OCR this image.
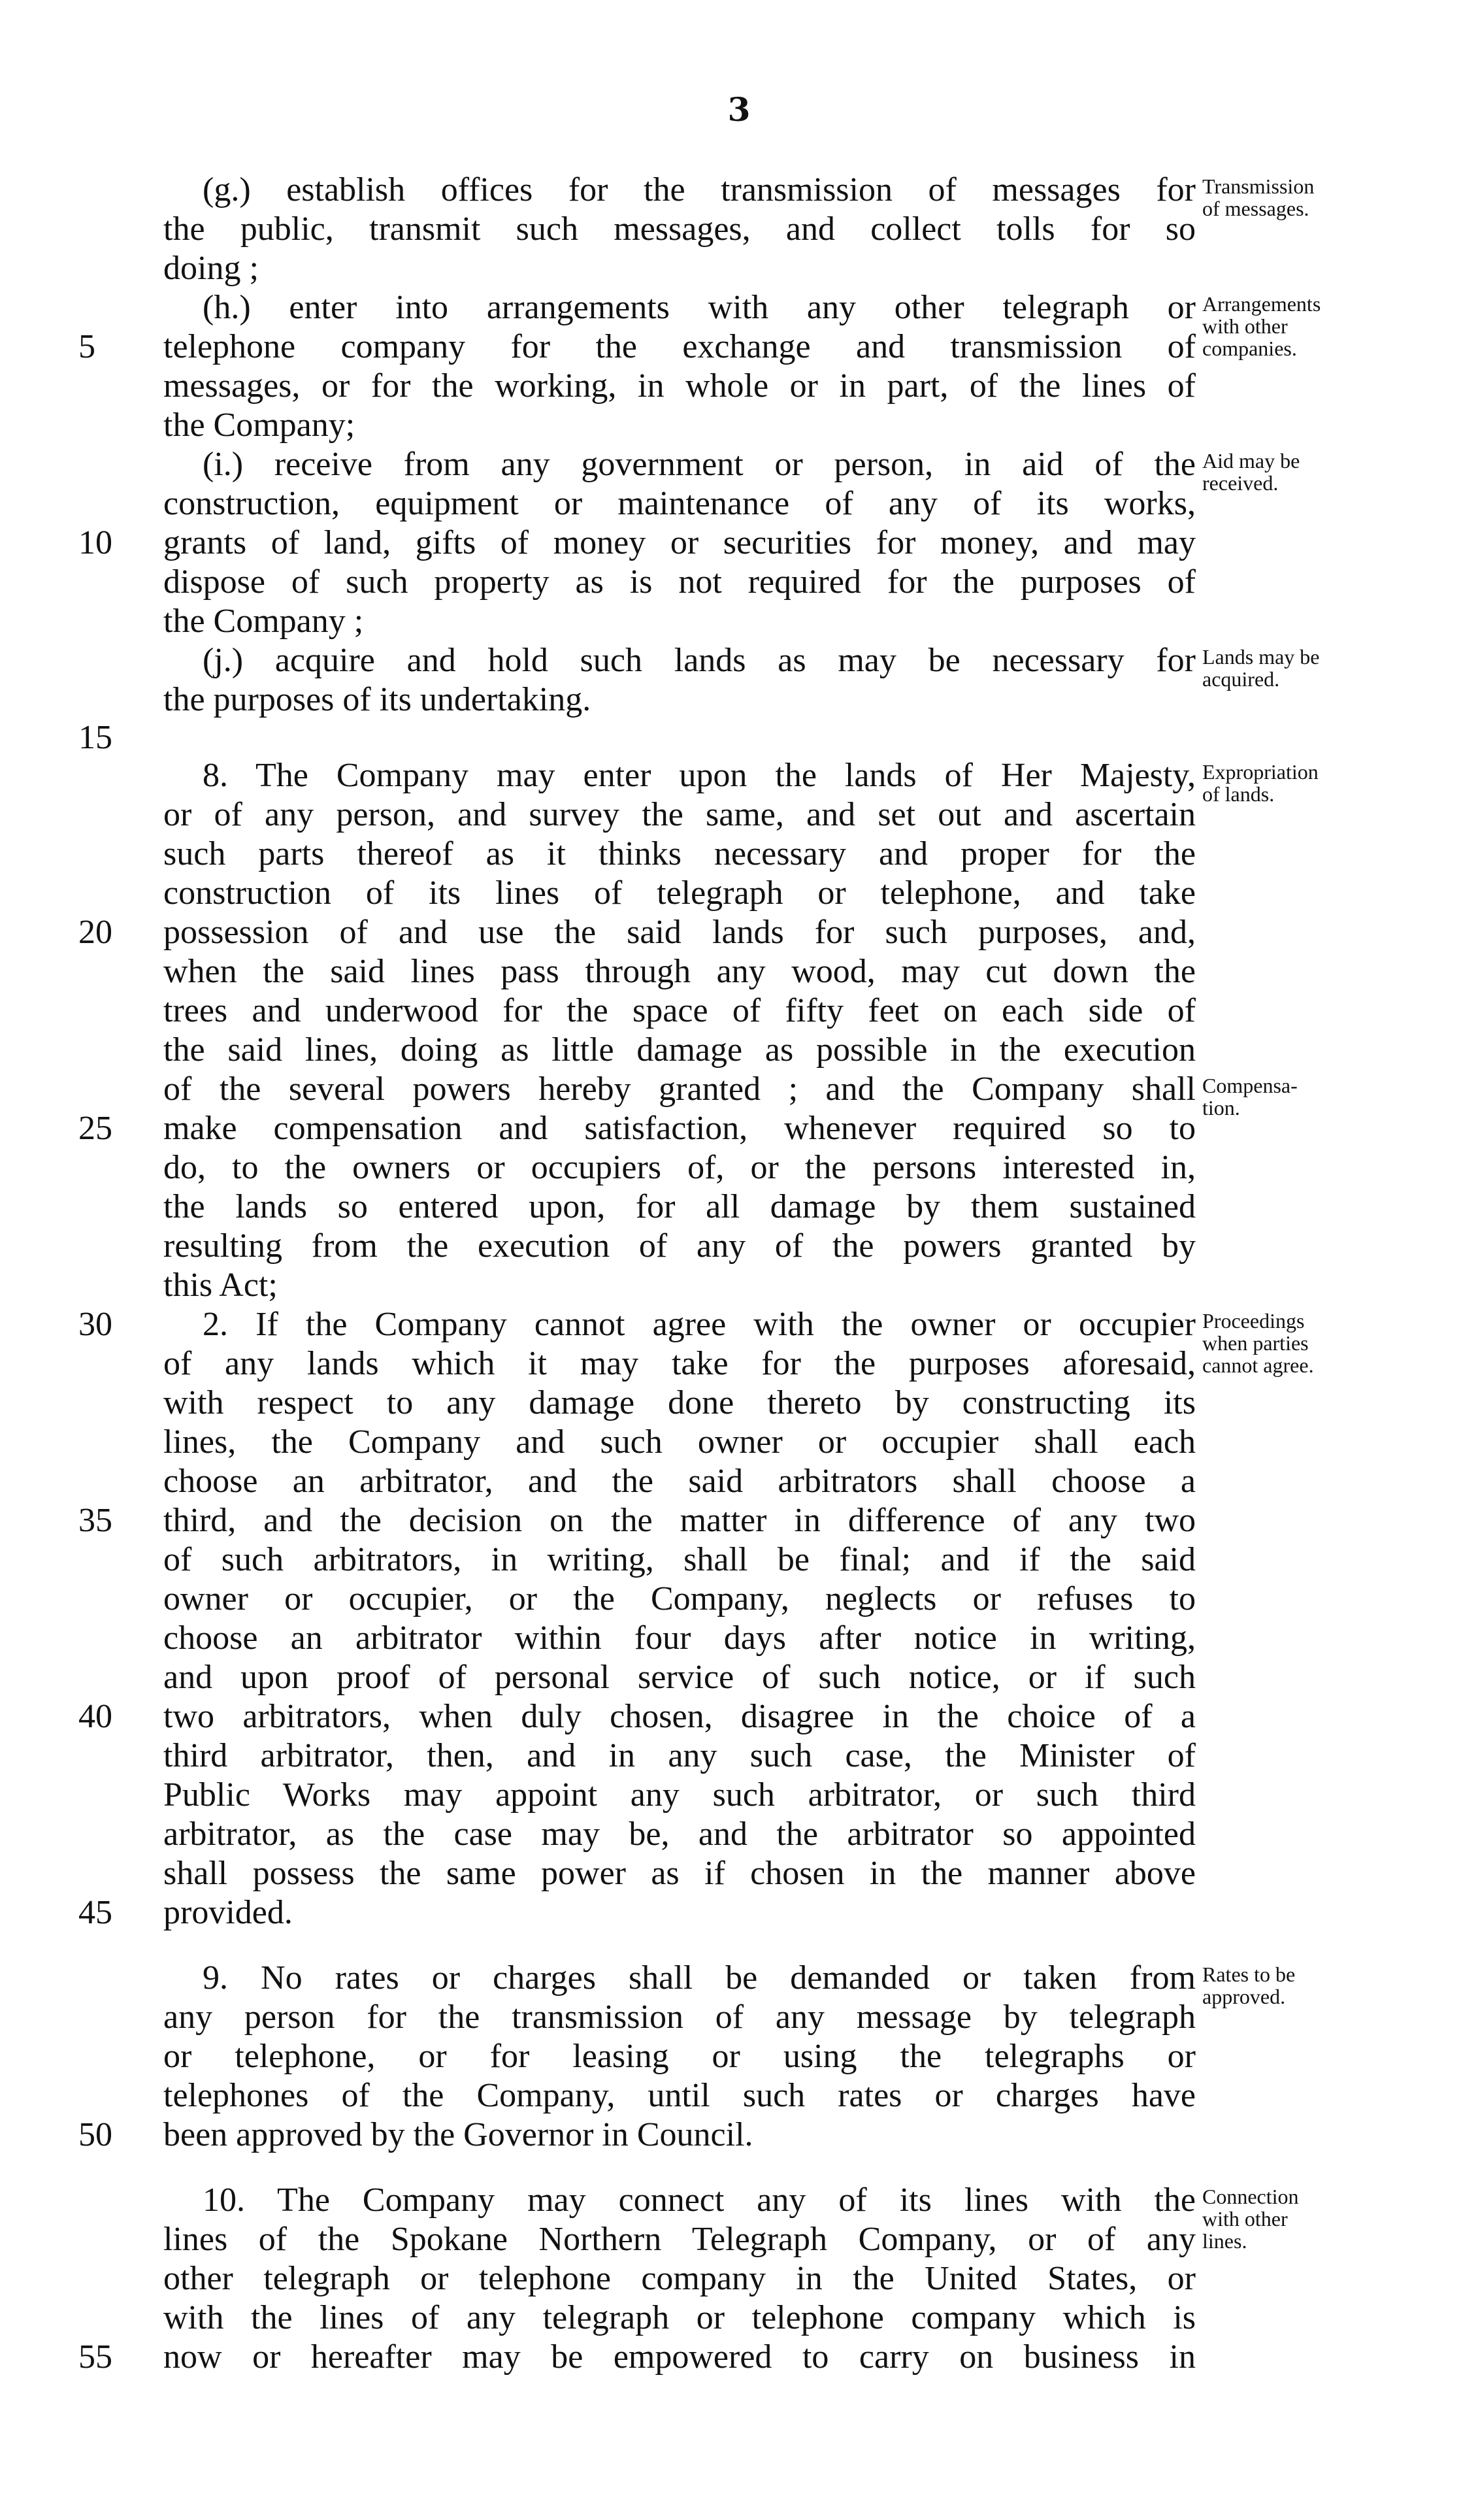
3
(g.) establish offices for the transmission of messages for
the public, transmit such messages, and collect tolls for so
doing ;
(h.) enter into arrangements with any other telegraph or
telephone company for the exchange and transmission of
messages, or for the working, in whole or in part, of the lines of
the Company;
(i.) receive from any government or person, in aid of the
construction, equipment or maintenance of any of its works,
grants of land, gifts of money or securities for money, and may
dispose of such property as is not required for the purposes of
the Company ;
(j.) acquire and hold such lands as may be necessary for
the purposes of its undertaking.
8. The Company may enter upon the lands of Her Majesty,
or of any person, and survey the same, and set out and ascertain
such parts thereof as it thinks necessary and proper for the
construction of its lines of telegraph or telephone, and take
possession of and use the said lands for such purposes, and,
when the said lines pass through any wood, may cut down the
trees and underwood for the space of fifty feet on each side of
the said lines, doing as little damage as possible in the execution
of the several powers hereby granted ; and the Company shall
make compensation and satisfaction, whenever required so to
do, to the owners or occupiers of, or the persons interested in,
the lands so entered upon, for all damage by them sustained
resulting from the execution of any of the powers granted by
this Act;
2. If the Company cannot agree with the owner or occupier
of any lands which it may take for the purposes aforesaid,
with respect to any damage done thereto by constructing its
lines, the Company and such owner or occupier shall each
choose an arbitrator, and the said arbitrators shall choose a
third, and the decision on the matter in difference of any two
of such arbitrators, in writing, shall be final; and if the said
owner or occupier, or the Company, neglects or refuses to
choose an arbitrator within four days after notice in writing,
and upon proof of personal service of such notice, or if such
two arbitrators, when duly chosen, disagree in the choice of a
third arbitrator, then, and in any such case, the Minister of
Public Works may appoint any such arbitrator, or such third
arbitrator, as the case may be, and the arbitrator so appointed
shall possess the same power as if chosen in the manner above
provided.
9. No rates or charges shall be demanded or taken from
any person for the transmission of any message by telegraph
or telephone, or for leasing or using the telegraphs or
telephones of the Company, until such rates or charges have
been approved by the Governor in Council.
10. The Company may connect any of its lines with the
lines of the Spokane Northern Telegraph Company, or of any
other telegraph or telephone company in the United States, or
with the lines of any telegraph or telephone company which is
now or hereafter may be empowered to carry on business in
5
10
15
20
25
30
35
40
45
50
55
Transmission
of messages.
Arrangements
with other
companies.
Aid may be
received.
Lands may be
acquired.
Expropriation
of lands.
Compensa-
tion.
Proceedings
when parties
cannot agree.
Rates to be
approved.
Connection
with other
lines.
